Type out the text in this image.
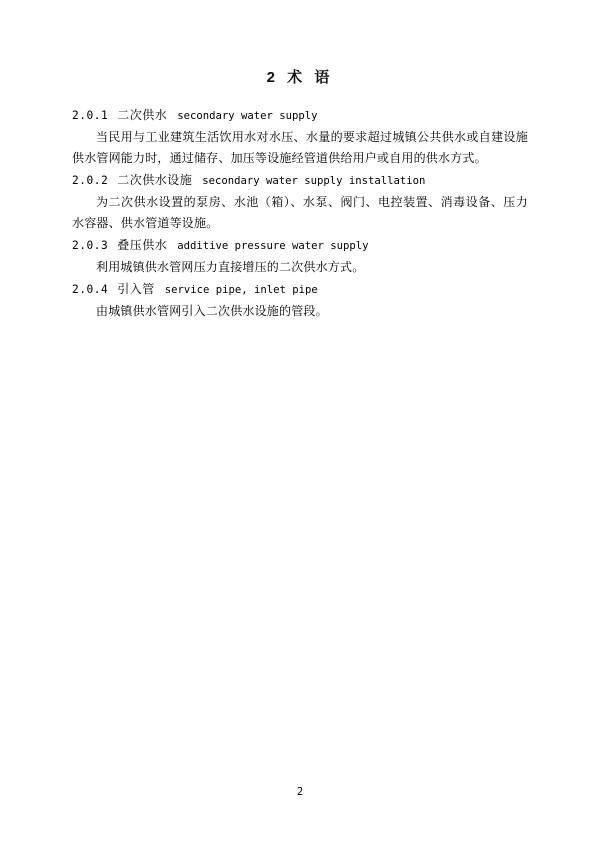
2 术 语
2.0.1 二次供水 secondary water supply

当民用与工业建筑生活饮用水对水压、水量的要求超过城镇公共供水或自建设施供水管网能力时，通过储存、加压等设施经管道供给用户或自用的供水方式。

2.0.2 二次供水设施 secondary water supply installation

为二次供水设置的泵房、水池（箱）、水泵、阀门、电控装置、消毒设备、压力水容器、供水管道等设施。

2.0.3 叠压供水 additive pressure water supply

利用城镇供水管网压力直接增压的二次供水方式。

2.0.4 引入管 service pipe, inlet pipe

由城镇供水管网引入二次供水设施的管段。

2
